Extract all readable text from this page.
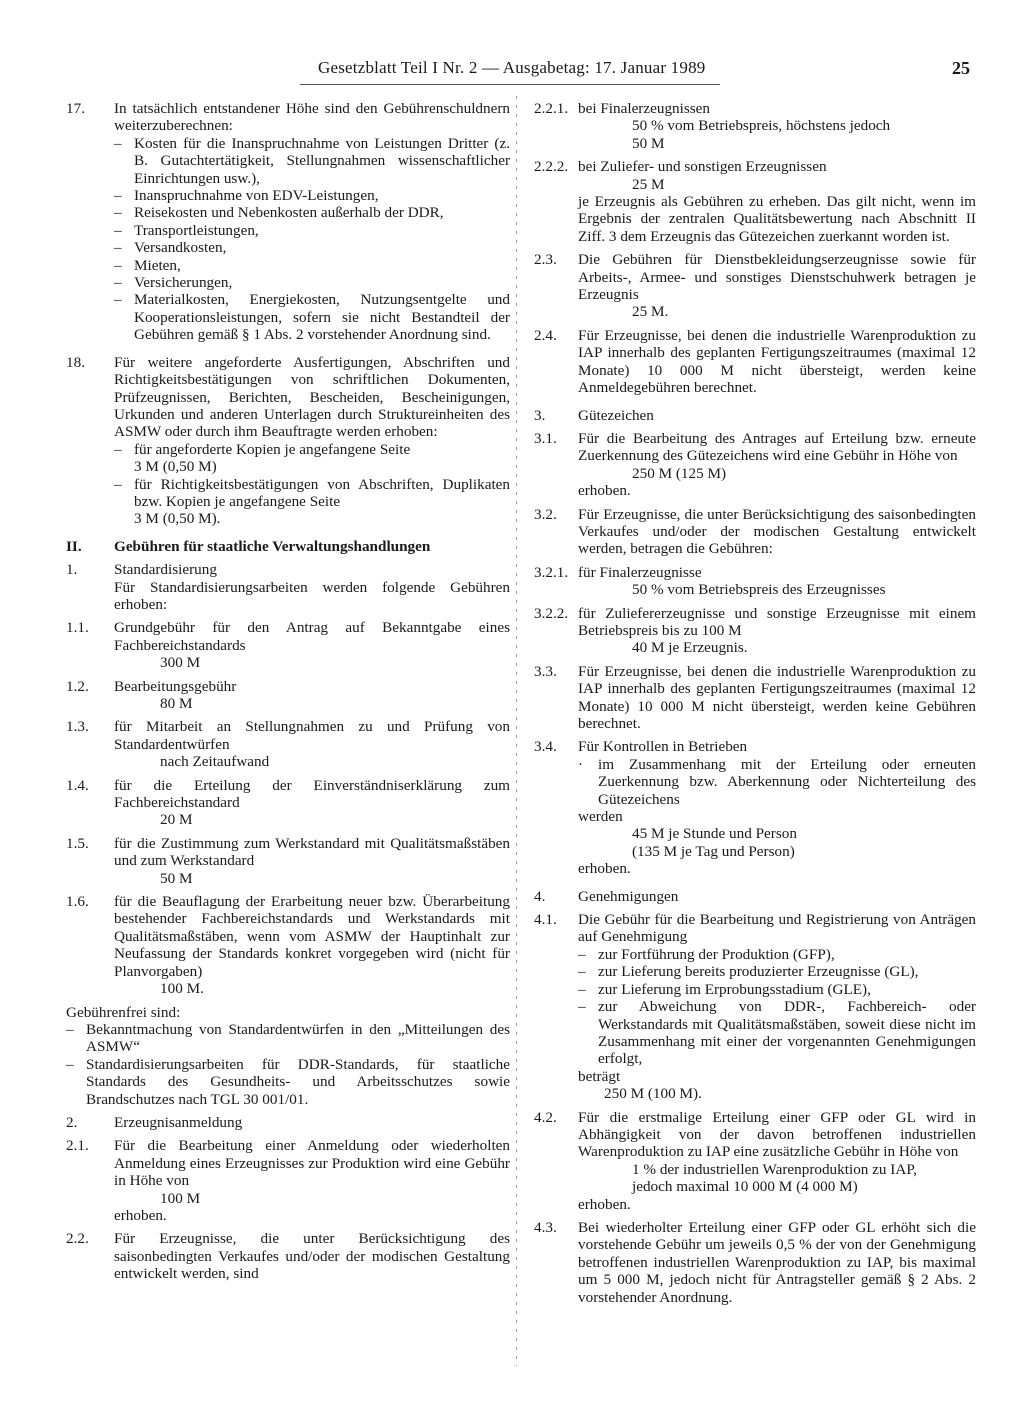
Gesetzblatt Teil I Nr. 2 — Ausgabetag: 17. Januar 1989	25
17.	In tatsächlich entstandener Höhe sind den Gebührenschuldnern weiterzuberechnen:
– Kosten für die Inanspruchnahme von Leistungen Dritter (z. B. Gutachtertätigkeit, Stellungnahmen wissenschaftlicher Einrichtungen usw.),
– Inanspruchnahme von EDV-Leistungen,
– Reisekosten und Nebenkosten außerhalb der DDR,
– Transportleistungen,
– Versandkosten,
– Mieten,
– Versicherungen,
– Materialkosten, Energiekosten, Nutzungsentgelte und Kooperationsleistungen, sofern sie nicht Bestandteil der Gebühren gemäß § 1 Abs. 2 vorstehender Anordnung sind.
18.	Für weitere angeforderte Ausfertigungen, Abschriften und Richtigkeitsbestätigungen von schriftlichen Dokumenten, Prüfzeugnissen, Berichten, Bescheiden, Bescheinigungen, Urkunden und anderen Unterlagen durch Struktureinheiten des ASMW oder durch ihm Beauftragte werden erhoben:
– für angeforderte Kopien je angefangene Seite
3 M (0,50 M)
– für Richtigkeitsbestätigungen von Abschriften, Duplikaten bzw. Kopien je angefangene Seite
3 M (0,50 M).
II.	Gebühren für staatliche Verwaltungshandlungen
1.	Standardisierung
Für Standardisierungsarbeiten werden folgende Gebühren erhoben:
1.1.	Grundgebühr für den Antrag auf Bekanntgabe eines Fachbereichstandards
300 M
1.2.	Bearbeitungsgebühr
80 M
1.3.	für Mitarbeit an Stellungnahmen zu und Prüfung von Standardentwürfen
nach Zeitaufwand
1.4.	für die Erteilung der Einverständniserklärung zum Fachbereichstandard
20 M
1.5.	für die Zustimmung zum Werkstandard mit Qualitätsmaßstäben und zum Werkstandard
50 M
1.6.	für die Beauflagung der Erarbeitung neuer bzw. Überarbeitung bestehender Fachbereichstandards und Werkstandards mit Qualitätsmaßstäben, wenn vom ASMW der Hauptinhalt zur Neufassung der Standards konkret vorgegeben wird (nicht für Planvorgaben)
100 M.
Gebührenfrei sind:
– Bekanntmachung von Standardentwürfen in den „Mitteilungen des ASMW“
– Standardisierungsarbeiten für DDR-Standards, für staatliche Standards des Gesundheits- und Arbeitsschutzes sowie Brandschutzes nach TGL 30 001/01.
2.	Erzeugnisanmeldung
2.1.	Für die Bearbeitung einer Anmeldung oder wiederholten Anmeldung eines Erzeugnisses zur Produktion wird eine Gebühr in Höhe von
100 M
erhoben.
2.2.	Für Erzeugnisse, die unter Berücksichtigung des saisonbedingten Verkaufes und/oder der modischen Gestaltung entwickelt werden, sind
2.2.1. bei Finalerzeugnissen
50 % vom Betriebspreis, höchstens jedoch
50 M
2.2.2. bei Zuliefer- und sonstigen Erzeugnissen
25 M
je Erzeugnis als Gebühren zu erheben. Das gilt nicht, wenn im Ergebnis der zentralen Qualitätsbewertung nach Abschnitt II Ziff. 3 dem Erzeugnis das Gütezeichen zuerkannt worden ist.
2.3.	Die Gebühren für Dienstbekleidungserzeugnisse sowie für Arbeits-, Armee- und sonstiges Dienstschuhwerk betragen je Erzeugnis
25 M.
2.4.	Für Erzeugnisse, bei denen die industrielle Warenproduktion zu IAP innerhalb des geplanten Fertigungszeitraumes (maximal 12 Monate) 10 000 M nicht übersteigt, werden keine Anmeldegebühren berechnet.
3.	Gütezeichen
3.1.	Für die Bearbeitung des Antrages auf Erteilung bzw. erneute Zuerkennung des Gütezeichens wird eine Gebühr in Höhe von
250 M (125 M)
erhoben.
3.2.	Für Erzeugnisse, die unter Berücksichtigung des saisonbedingten Verkaufes und/oder der modischen Gestaltung entwickelt werden, betragen die Gebühren:
3.2.1. für Finalerzeugnisse
50 % vom Betriebspreis des Erzeugnisses
3.2.2. für Zuliefererzeugnisse und sonstige Erzeugnisse mit einem Betriebspreis bis zu 100 M
40 M je Erzeugnis.
3.3.	Für Erzeugnisse, bei denen die industrielle Warenproduktion zu IAP innerhalb des geplanten Fertigungszeitraumes (maximal 12 Monate) 10 000 M nicht übersteigt, werden keine Gebühren berechnet.
3.4.	Für Kontrollen in Betrieben
· im Zusammenhang mit der Erteilung oder erneuten Zuerkennung bzw. Aberkennung oder Nichterteilung des Gütezeichens
werden
45 M je Stunde und Person
(135 M je Tag und Person)
erhoben.
4.	Genehmigungen
4.1.	Die Gebühr für die Bearbeitung und Registrierung von Anträgen auf Genehmigung
– zur Fortführung der Produktion (GFP),
– zur Lieferung bereits produzierter Erzeugnisse (GL),
– zur Lieferung im Erprobungsstadium (GLE),
– zur Abweichung von DDR-, Fachbereich- oder Werkstandards mit Qualitätsmaßstäben, soweit diese nicht im Zusammenhang mit einer der vorgenannten Genehmigungen erfolgt,
beträgt
250 M (100 M).
4.2.	Für die erstmalige Erteilung einer GFP oder GL wird in Abhängigkeit von der davon betroffenen industriellen Warenproduktion zu IAP eine zusätzliche Gebühr in Höhe von
1 % der industriellen Warenproduktion zu IAP,
jedoch maximal 10 000 M (4 000 M)
erhoben.
4.3.	Bei wiederholter Erteilung einer GFP oder GL erhöht sich die vorstehende Gebühr um jeweils 0,5 % der von der Genehmigung betroffenen industriellen Warenproduktion zu IAP, bis maximal um 5 000 M, jedoch nicht für Antragsteller gemäß § 2 Abs. 2 vorstehender Anordnung.
